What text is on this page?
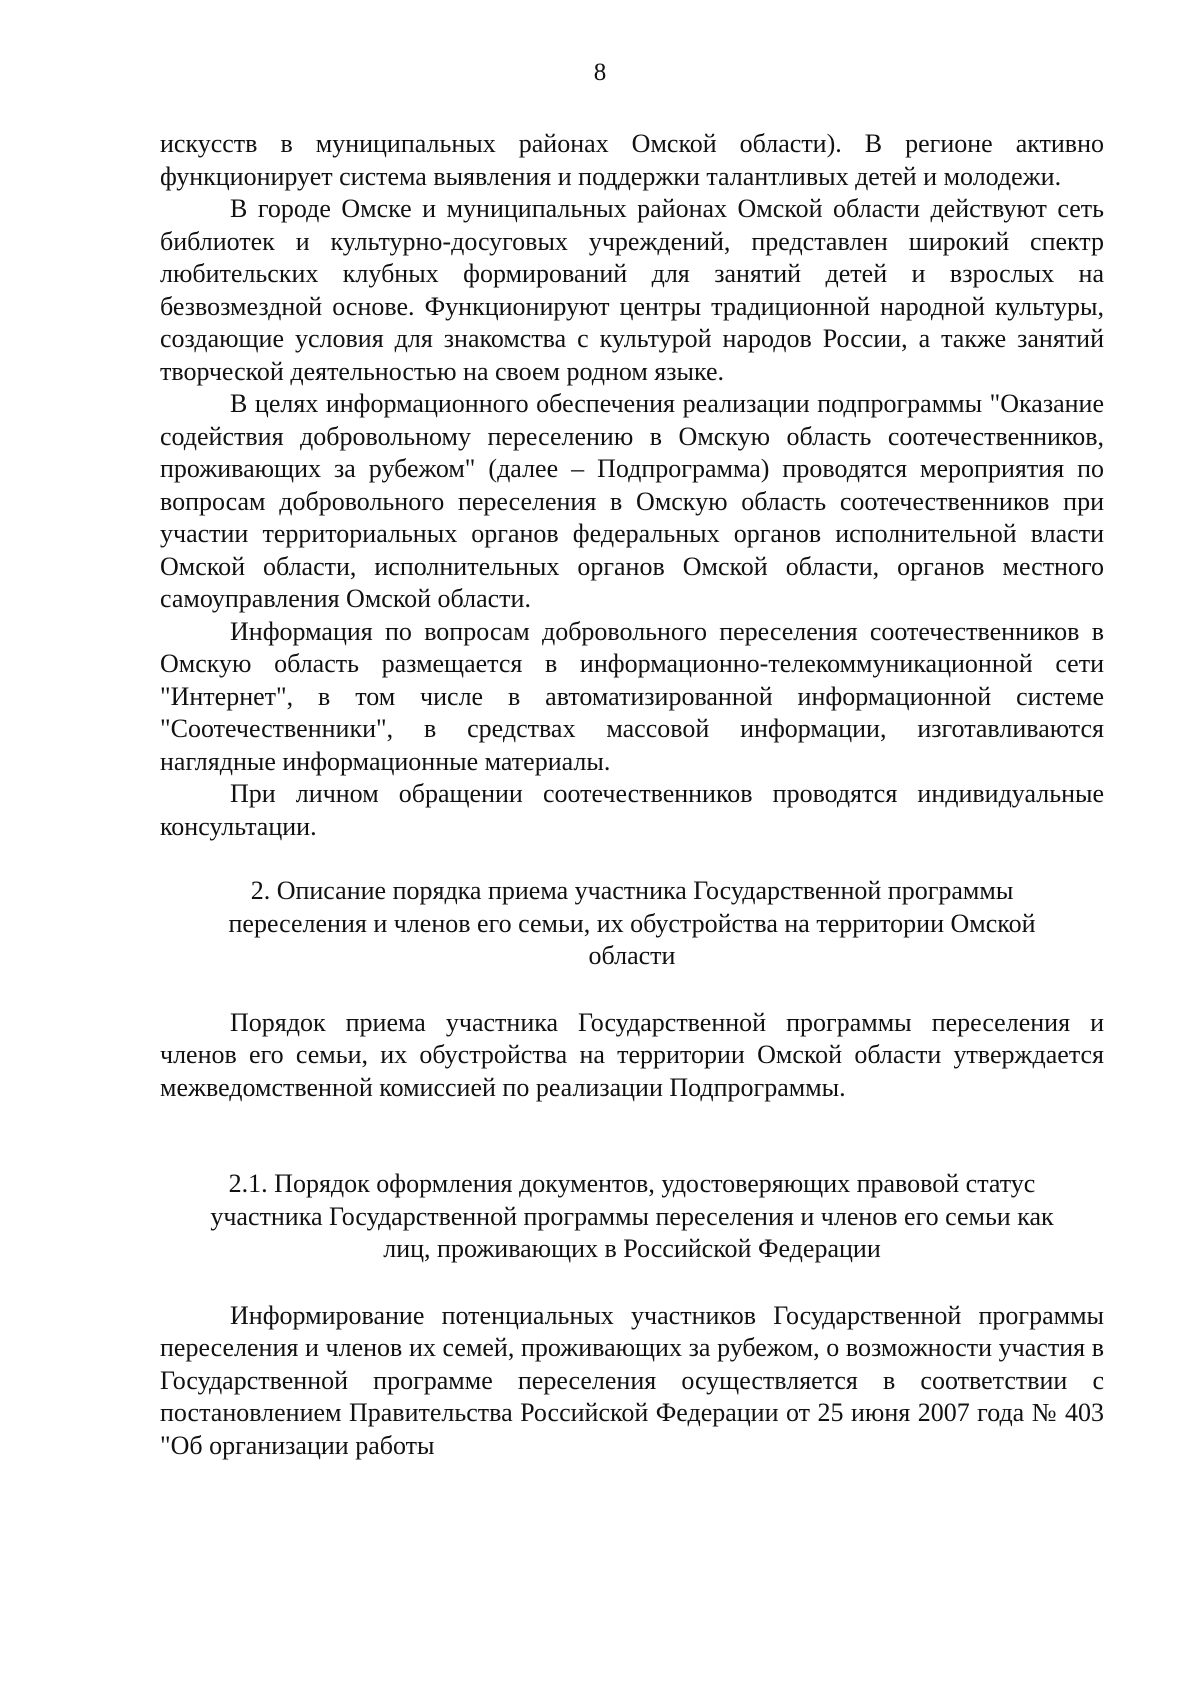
8

искусств в муниципальных районах Омской области). В регионе активно функционирует система выявления и поддержки талантливых детей и молодежи.

В городе Омске и муниципальных районах Омской области действуют сеть библиотек и культурно-досуговых учреждений, представлен широкий спектр любительских клубных формирований для занятий детей и взрослых на безвозмездной основе. Функционируют центры традиционной народной культуры, создающие условия для знакомства с культурой народов России, а также занятий творческой деятельностью на своем родном языке.

В целях информационного обеспечения реализации подпрограммы "Оказание содействия добровольному переселению в Омскую область соотечественников, проживающих за рубежом" (далее – Подпрограмма) проводятся мероприятия по вопросам добровольного переселения в Омскую область соотечественников при участии территориальных органов федеральных органов исполнительной власти Омской области, исполнительных органов Омской области, органов местного самоуправления Омской области.

Информация по вопросам добровольного переселения соотечественников в Омскую область размещается в информационно-телекоммуникационной сети "Интернет", в том числе в автоматизированной информационной системе "Соотечественники", в средствах массовой информации, изготавливаются наглядные информационные материалы.

При личном обращении соотечественников проводятся индивидуальные консультации.

2. Описание порядка приема участника Государственной программы переселения и членов его семьи, их обустройства на территории Омской области

Порядок приема участника Государственной программы переселения и членов его семьи, их обустройства на территории Омской области утверждается межведомственной комиссией по реализации Подпрограммы.

2.1. Порядок оформления документов, удостоверяющих правовой статус участника Государственной программы переселения и членов его семьи как лиц, проживающих в Российской Федерации

Информирование потенциальных участников Государственной программы переселения и членов их семей, проживающих за рубежом, о возможности участия в Государственной программе переселения осуществляется в соответствии с постановлением Правительства Российской Федерации от 25 июня 2007 года № 403 "Об организации работы
